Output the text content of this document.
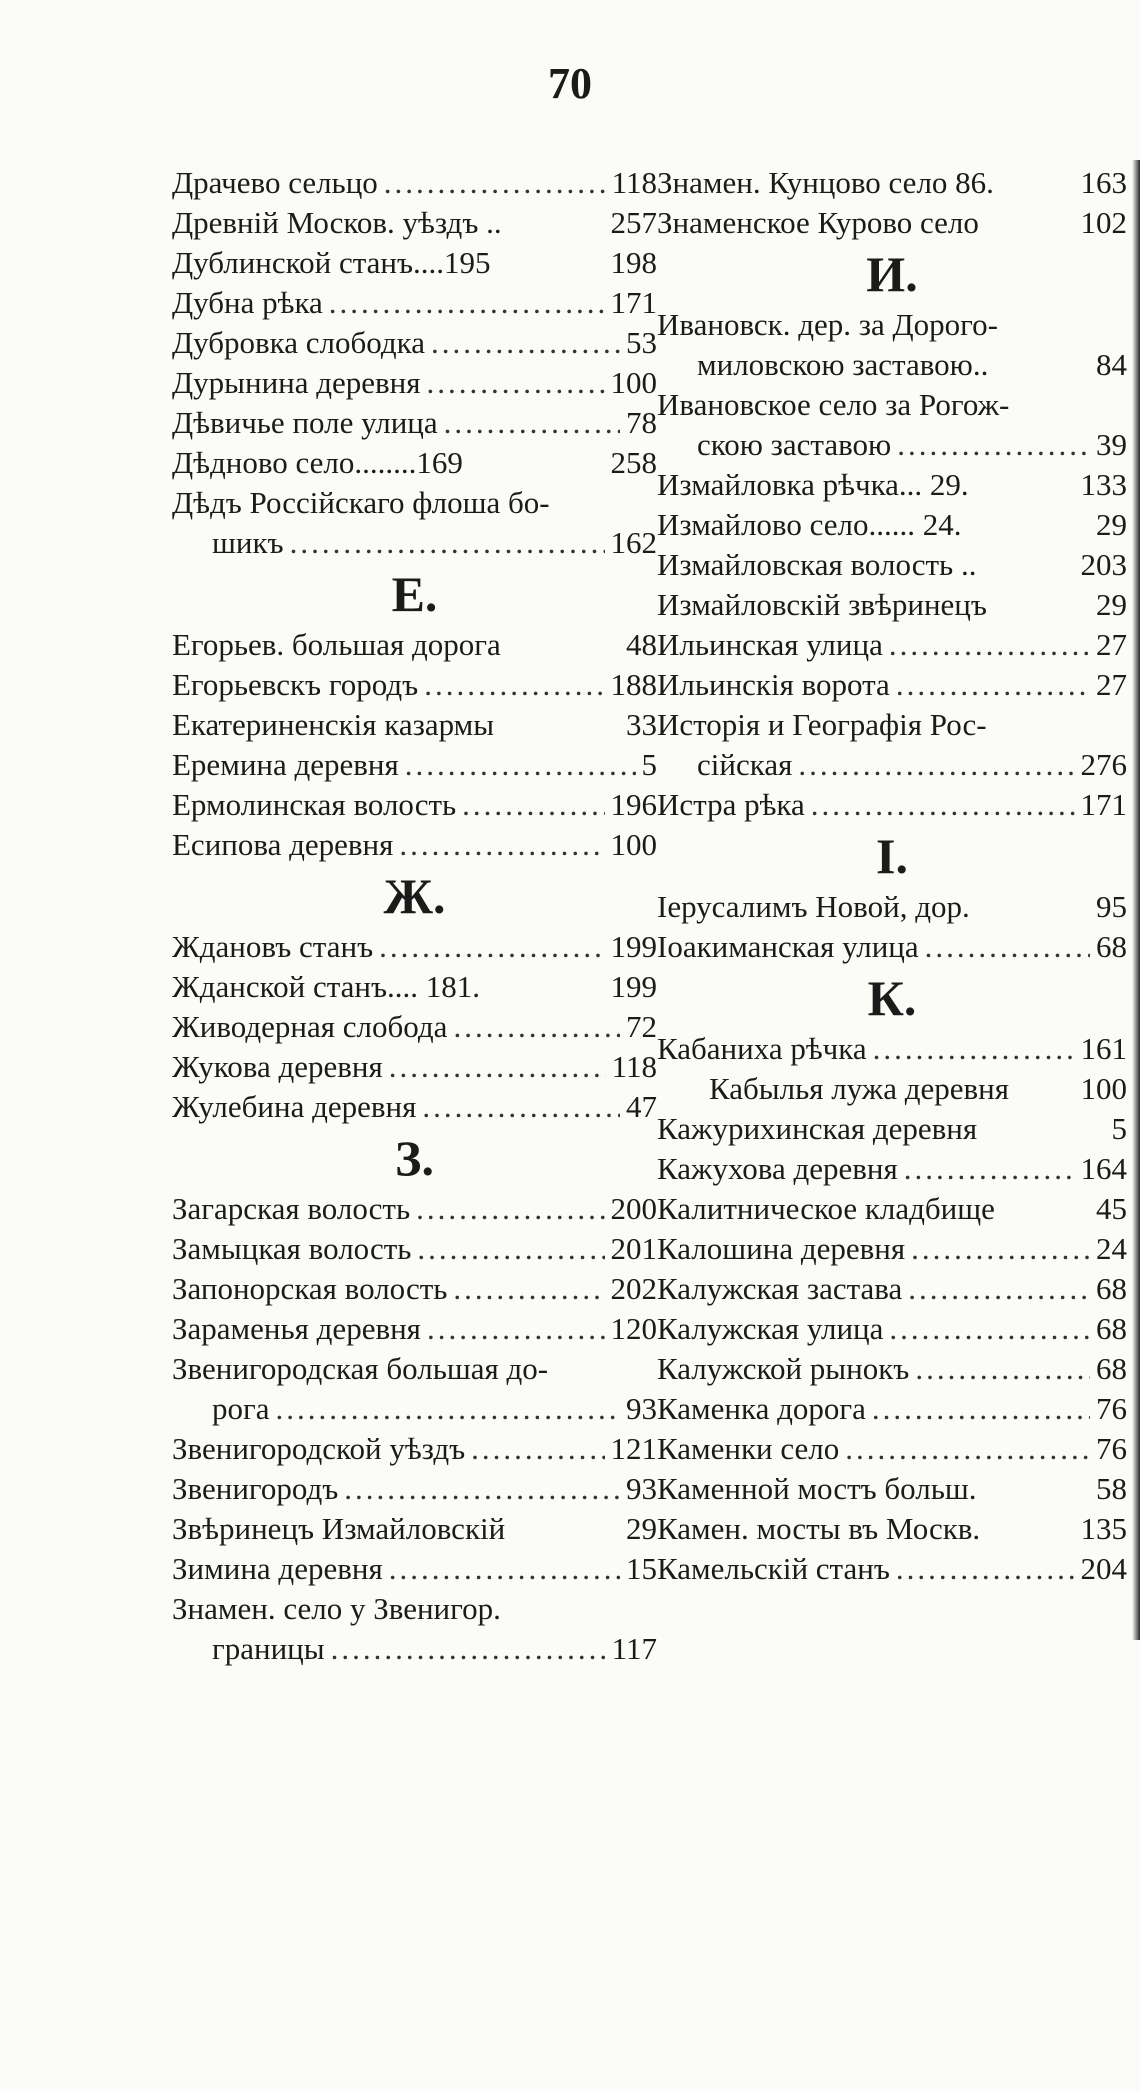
70
Драчево сельцо .....	118
Древній Москов. уѣздъ ..	257
Дублинской станъ....195	198
Дубна рѣка .....	171
Дубровка слободка .....	53
Дурынина деревня .....	100
Дѣвичье поле улица .....	78
Дѣдново село........169	258
Дѣдъ Россійскаго флоша бо-
шикъ .....	162
Е.
Егорьев. большая дорога	48
Егорьевскъ городъ .....	188
Екатериненскія казармы	33
Еремина деревня .....	5
Ермолинская волость .....	196
Есипова деревня .....	100
Ж.
Ждановъ станъ .....	199
Жданской станъ.... 181.	199
Живодерная слобода .....	72
Жукова деревня .....	118
Жулебина деревня .....	47
З.
Загарская волость .....	200
Замыцкая волость .....	201
Запонорская волость .....	202
Зараменья деревня .....	120
Звенигородская большая до-
рога .....	93
Звенигородской уѣздъ .....	121
Звенигородъ .....	93
Звѣринецъ Измайловскій	29
Зимина деревня .....	15
Знамен. село у Звенигор.
границы .....	117
Знамен. Кунцово село 86.	163
Знаменское Курово село	102
И.
Ивановск. дер. за Дорого-
миловскою заставою..	84
Ивановское село за Рогож-
скою заставою .....	39
Измайловка рѣчка... 29.	133
Измайлово село...... 24.	29
Измайловская волость ..	203
Измайловскій звѣринецъ	29
Ильинская улица .....	27
Ильинскія ворота .....	27
Исторія и Географія Рос-
сійская .....	276
Истра рѣка .....	171
І.
Іерусалимъ Новой, дор.	95
Іоакиманская улица .....	68
К.
Кабаниха рѣчка .....	161
Кабылья лужа деревня 100
Кажурихинская деревня	5
Кажухова деревня .....	164
Калитническое кладбище	45
Калошина деревня .....	24
Калужская застава .....	68
Калужская улица .....	68
Калужской рынокъ .....	68
Каменка дорога .....	76
Каменки село .....	76
Каменной мостъ больш.	58
Камен. мосты въ Москв.	135
Камельскій станъ .....	204
